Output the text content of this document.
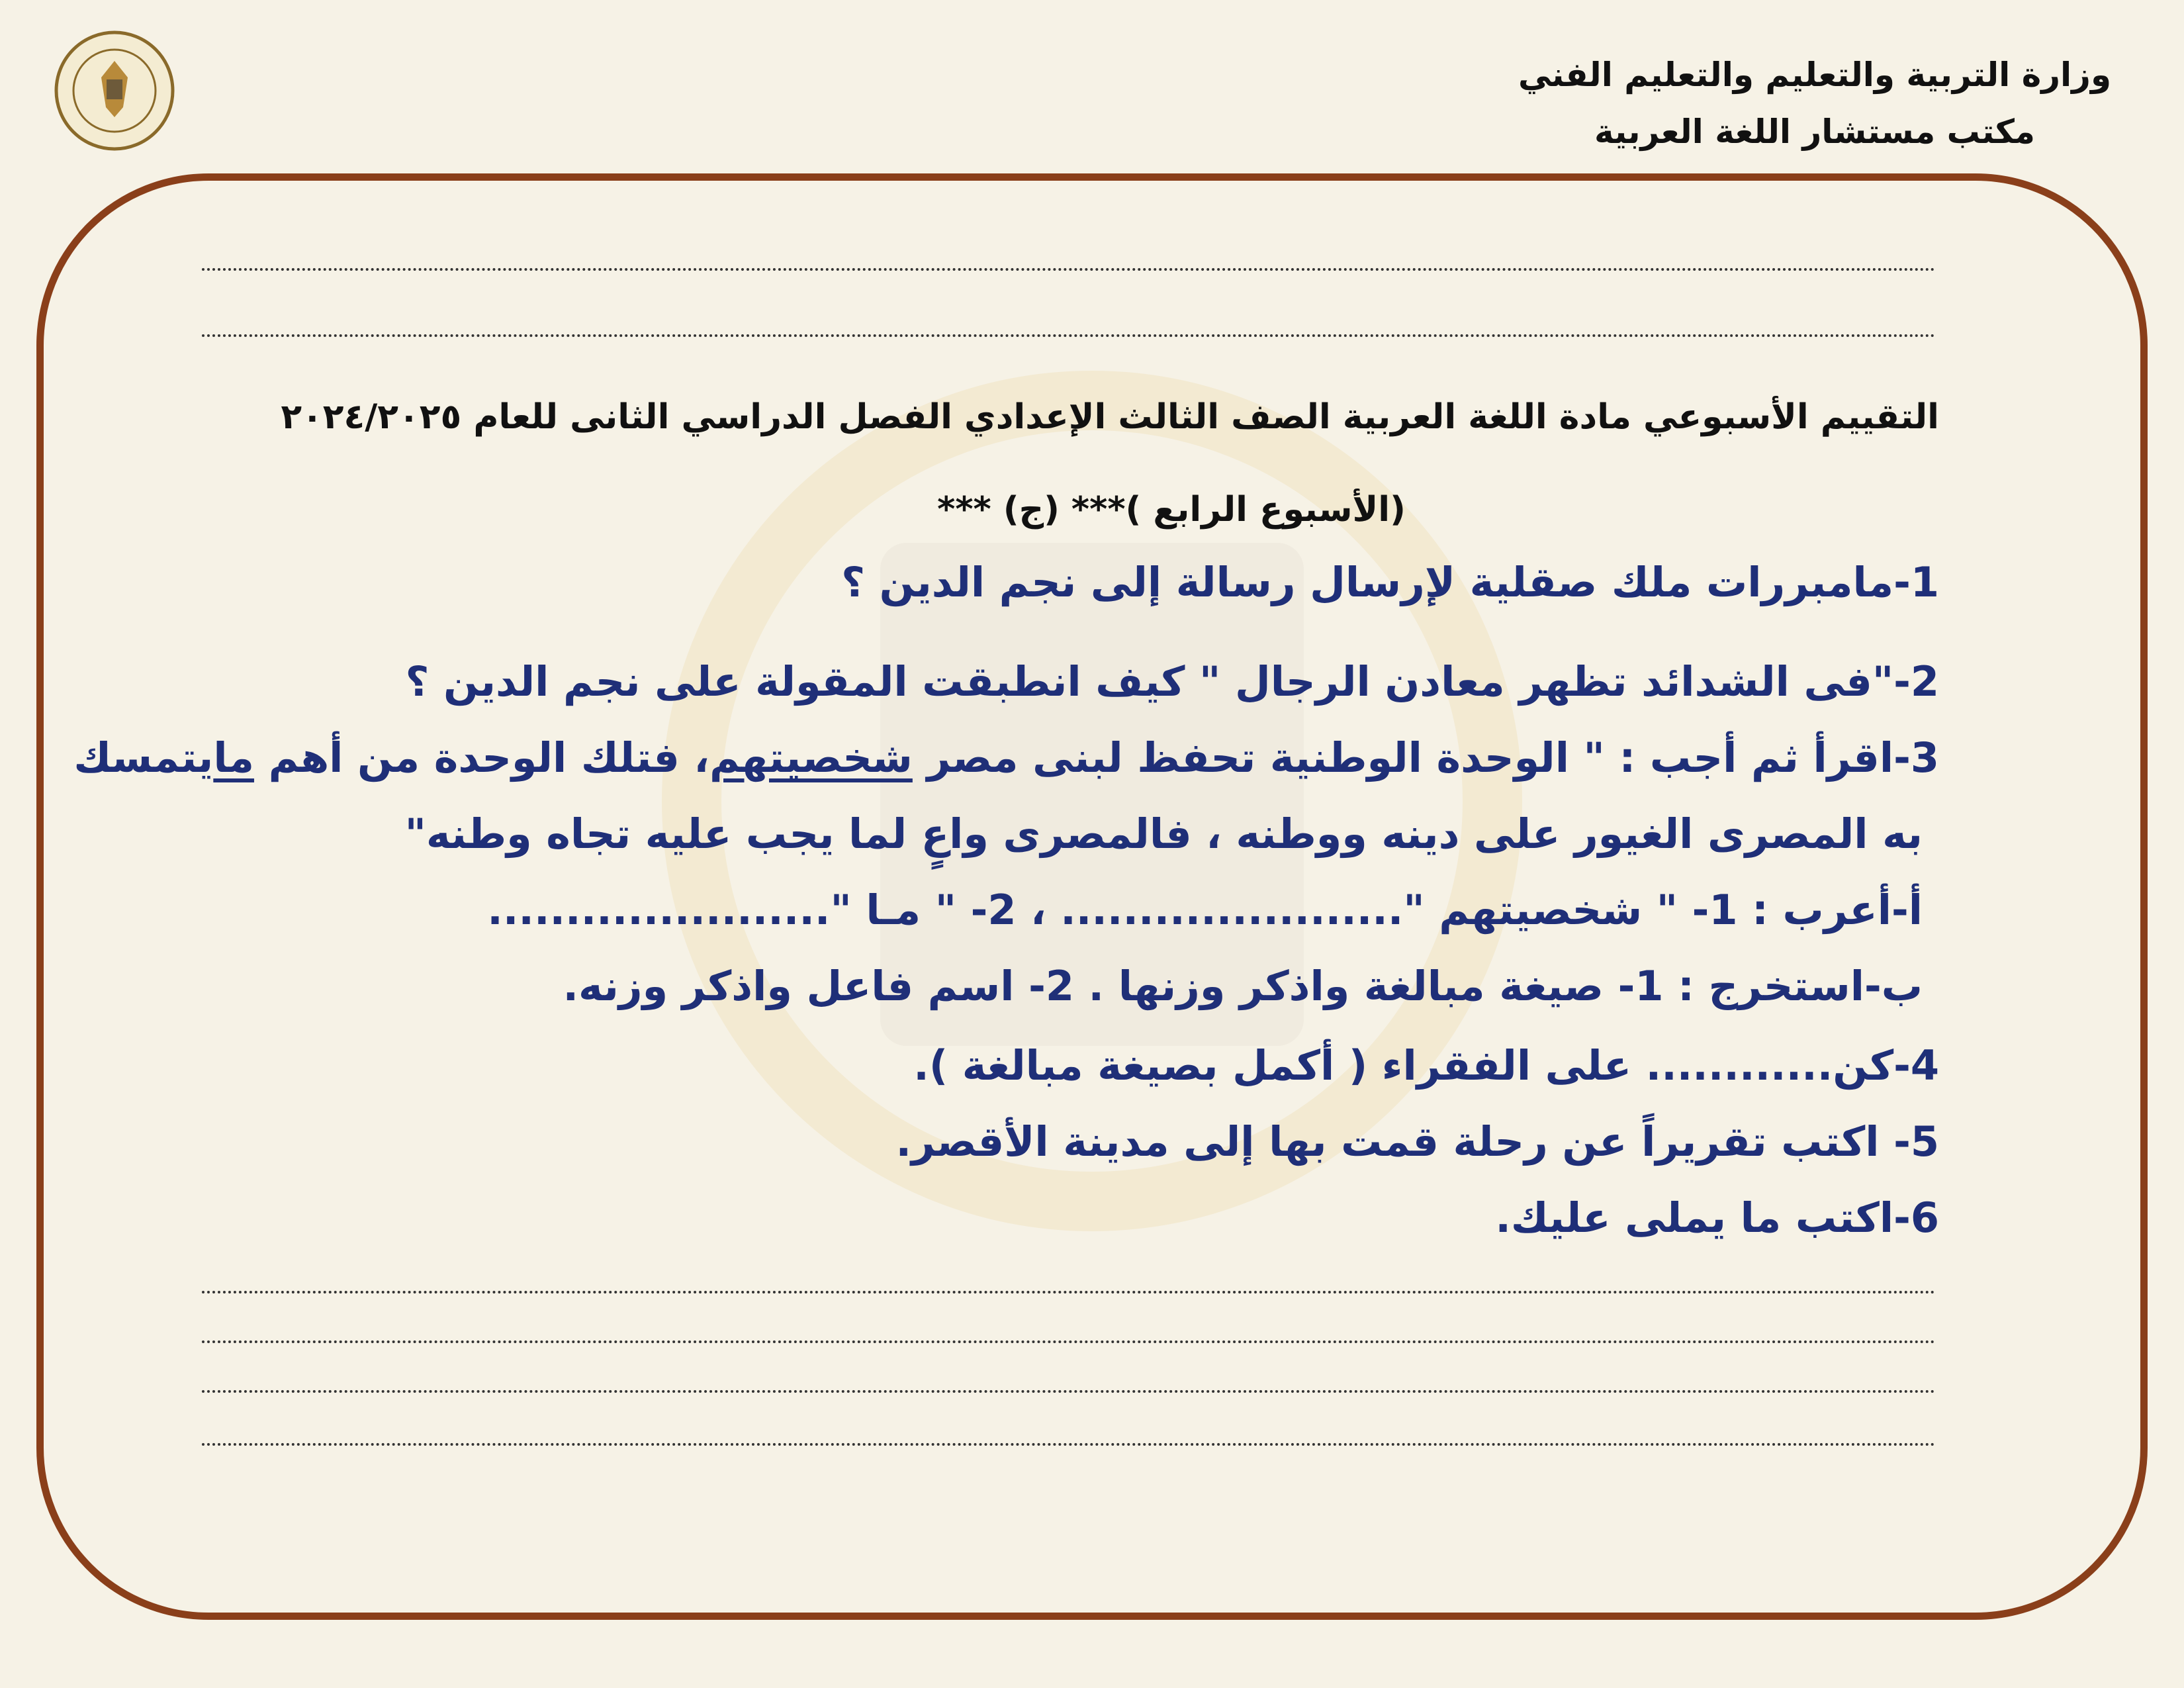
وزارة التربية والتعليم والتعليم الفني
مكتب مستشار اللغة العربية
التقييم الأسبوعي مادة اللغة العربية الصف الثالث الإعدادي الفصل الدراسي الثانى للعام ٢٠٢٤/٢٠٢٥
(الأسبوع الرابع )*** (ج) ***
1-مامبررات ملك صقلية لإرسال رسالة إلى نجم الدين ؟
2-"فى الشدائد تظهر معادن الرجال " كيف انطبقت المقولة على نجم الدين ؟
3-اقرأ ثم أجب : " الوحدة الوطنية تحفظ لبنى مصر شخصيتهم، فتلك الوحدة من أهم مايتمسك
به المصرى الغيور على دينه ووطنه ، فالمصرى واعٍ لما يجب عليه تجاه وطنه"
أ-أعرب : 1- " شخصيتهم "...................... ، 2- " مـا "......................
ب-استخرج : 1- صيغة مبالغة واذكر وزنها . 2- اسم فاعل واذكر وزنه.
4-كن............ على الفقراء ( أكمل بصيغة مبالغة ).
5- اكتب تقريراً عن رحلة قمت بها إلى مدينة الأقصر.
6-اكتب ما يملى عليك.
